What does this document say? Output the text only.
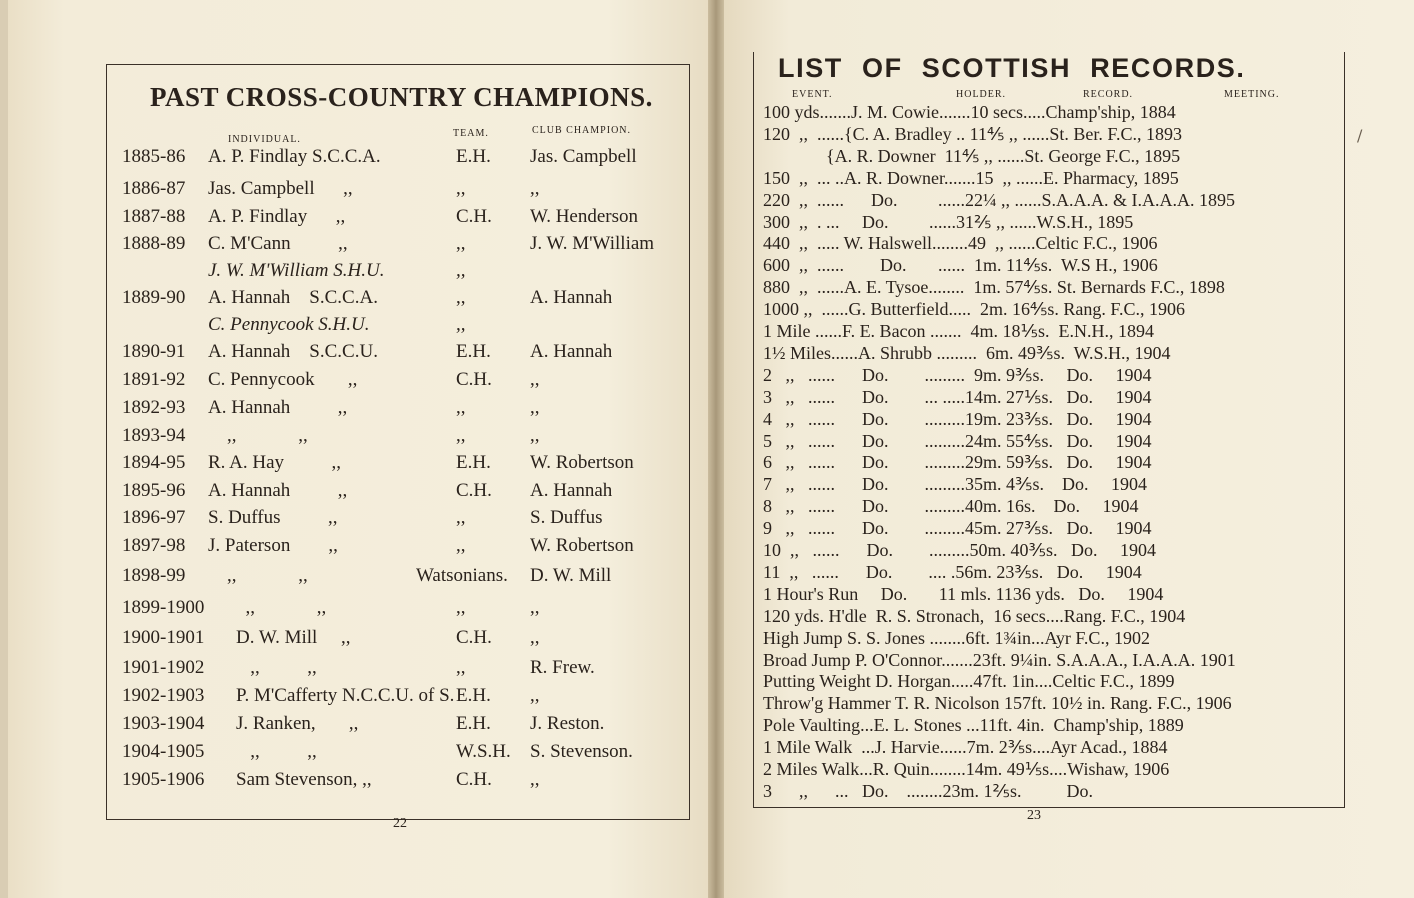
PAST CROSS-COUNTRY CHAMPIONS.
INDIVIDUAL.
TEAM.	CLUB CHAMPION.
1885-86 A. P. Findlay S.C.C.A.	E.H. Jas. Campbell
1886-87 Jas. Campbell      ,,	,,	,,
1887-88 A. P. Findlay      ,,	C.H. W. Henderson
1888-89 C. M'Cann          ,,	,,	J. W. M'William
J. W. M'William S.H.U.	,,
1889-90 A. Hannah    S.C.C.A.	,,	A. Hannah
C. Pennycook S.H.U.	,,
1890-91 A. Hannah    S.C.C.U.	E.H. A. Hannah
1891-92 C. Pennycook       ,,	C.H. ,,
1892-93 A. Hannah          ,,	,,	,,
1893-94 ,,             ,,	,,	,,
1894-95 R. A. Hay          ,,	E.H. W. Robertson
1895-96 A. Hannah          ,,	C.H. A. Hannah
1896-97 S. Duffus          ,,	,,	S. Duffus
1897-98 J. Paterson        ,,	,,	W. Robertson
1898-99 ,,             ,,	Watsonians. D. W. Mill
1899-1900 ,,             ,,	,,	,,
1900-1901 D. W. Mill     ,,	C.H. ,,
1901-1902 ,,          ,,	,,	R. Frew.
1902-1903 P. M'Cafferty N.C.C.U. of S. E.H. ,,
1903-1904 J. Ranken,       ,,	E.H. J. Reston.
1904-1905 ,,          ,,	W.S.H. S. Stevenson.
1905-1906 Sam Stevenson, ,,	C.H. ,,
22
LIST OF SCOTTISH RECORDS.
EVENT.	HOLDER.	RECORD.	MEETING.
100 yds.......J. M. Cowie.......10 secs.....Champ'ship, 1884
120  ,,  ......{C. A. Bradley .. 11⅘ ,, ......St. Ber. F.C., 1893
{A. R. Downer  11⅘ ,, ......St. George F.C., 1895
150  ,,  ... ..A. R. Downer.......15  ,, ......E. Pharmacy, 1895
220  ,,  ......      Do.         ......22¼ ,, ......S.A.A.A. & I.A.A.A. 1895
300  ,,  . ...     Do.         ......31⅖ ,, ......W.S.H., 1895
440  ,,  ..... W. Halswell........49  ,, ......Celtic F.C., 1906
600  ,,  ......        Do.       ......  1m. 11⅘s.  W.S H., 1906
880  ,,  ......A. E. Tysoe........  1m. 57⅘s. St. Bernards F.C., 1898
1000 ,,  ......G. Butterfield.....  2m. 16⅘s. Rang. F.C., 1906
1 Mile ......F. E. Bacon .......  4m. 18⅕s.  E.N.H., 1894
1½ Miles......A. Shrubb .........  6m. 49⅗s.  W.S.H., 1904
2   ,,   ......      Do.        .........  9m. 9⅗s.     Do.     1904
3   ,,   ......      Do.        ... .....14m. 27⅕s.   Do.     1904
4   ,,   ......      Do.        .........19m. 23⅗s.   Do.     1904
5   ,,   ......      Do.        .........24m. 55⅘s.   Do.     1904
6   ,,   ......      Do.        .........29m. 59⅗s.   Do.     1904
7   ,,   ......      Do.        .........35m. 4⅗s.    Do.     1904
8   ,,   ......      Do.        .........40m. 16s.    Do.     1904
9   ,,   ......      Do.        .........45m. 27⅗s.   Do.     1904
10  ,,   ......      Do.        .........50m. 40⅗s.   Do.     1904
11  ,,   ......      Do.        .... .56m. 23⅗s.   Do.     1904
1 Hour's Run     Do.       11 mls. 1136 yds.   Do.     1904
120 yds. H'dle  R. S. Stronach,  16 secs....Rang. F.C., 1904
High Jump S. S. Jones ........6ft. 1¾in...Ayr F.C., 1902
Broad Jump P. O'Connor.......23ft. 9¼in. S.A.A.A., I.A.A.A. 1901
Putting Weight D. Horgan.....47ft. 1in....Celtic F.C., 1899
Throw'g Hammer T. R. Nicolson 157ft. 10½ in. Rang. F.C., 1906
Pole Vaulting...E. L. Stones ...11ft. 4in.  Champ'ship, 1889
1 Mile Walk  ...J. Harvie......7m. 2⅗s....Ayr Acad., 1884
2 Miles Walk...R. Quin........14m. 49⅕s....Wishaw, 1906
3      ,,      ...   Do.    ........23m. 1⅖s.          Do.
23
/
